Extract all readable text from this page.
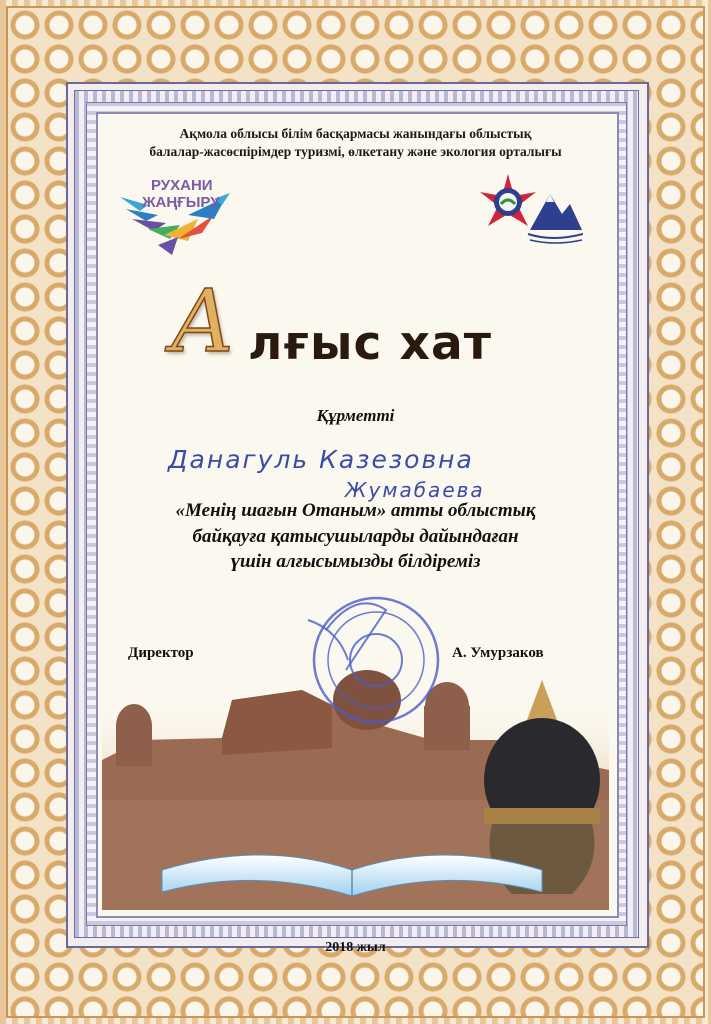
Ақмола облысы білім басқармасы жанындағы облыстық
балалар-жасөспірімдер туризмі, өлкетану және экология орталығы
РУХАНИ
ЖАҢҒЫРУ
А лғыс хат
Құрметті
Данагуль Казезовна
Жумабаева
«Менің шағын Отаным» атты облыстық
байқауға қатысушыларды дайындаған
үшін алғысымызды білдіреміз
Директор	А. Умурзаков
2018 жыл
